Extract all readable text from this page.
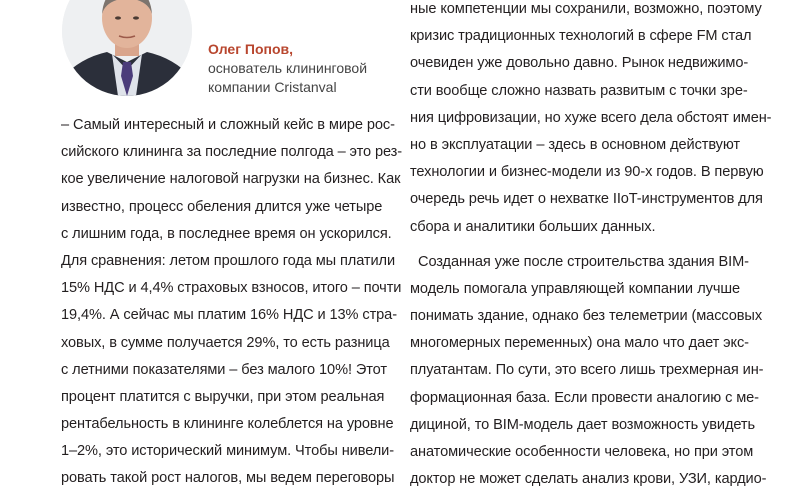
Олег Попов,
основатель клининговой
компании Cristanval
– Самый интересный и сложный кейс в мире рос-
сийского клининга за последние полгода – это рез-
кое увеличение налоговой нагрузки на бизнес. Как
известно, процесс обеления длится уже четыре
с лишним года, в последнее время он ускорился.
Для сравнения: летом прошлого года мы платили
15% НДС и 4,4% страховых взносов, итого – почти
19,4%. А сейчас мы платим 16% НДС и 13% стра-
ховых, в сумме получается 29%, то есть разница
с летними показателями – без малого 10%! Этот
процент платится с выручки, при этом реальная
рентабельность в клининге колеблется на уровне
1–2%, это исторический минимум. Чтобы нивели-
ровать такой рост налогов, мы ведем переговоры
ные компетенции мы сохранили, возможно, поэтому
кризис традиционных технологий в сфере FM стал
очевиден уже довольно давно. Рынок недвижимо-
сти вообще сложно назвать развитым с точки зре-
ния цифровизации, но хуже всего дела обстоят имен-
но в эксплуатации – здесь в основном действуют
технологии и бизнес-модели из 90-х годов. В первую
очередь речь идет о нехватке IIoT-инструментов для
сбора и аналитики больших данных.
Созданная уже после строительства здания BIM-
модель помогала управляющей компании лучше
понимать здание, однако без телеметрии (массовых
многомерных переменных) она мало что дает экс-
плуатантам. По сути, это всего лишь трехмерная ин-
формационная база. Если провести аналогию с ме-
дициной, то BIM-модель дает возможность увидеть
анатомические особенности человека, но при этом
доктор не может сделать анализ крови, УЗИ, кардио-
